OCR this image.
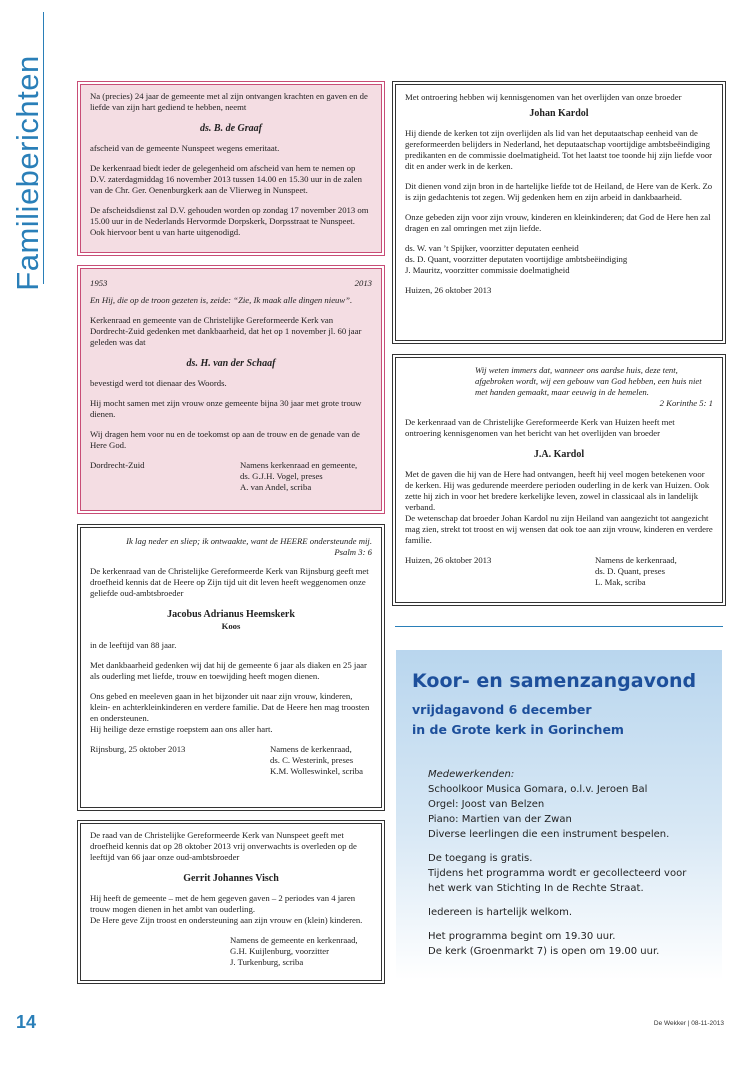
Familieberichten	Na (precies) 24 jaar de gemeente met al zijn ontvangen krachten en gaven en de liefde van zijn hart gediend te hebben, neemt

ds. B. de Graaf

afscheid van de gemeente Nunspeet wegens emeritaat.

De kerkenraad biedt ieder de gelegenheid om afscheid van hem te nemen op D.V. zaterdagmiddag 16 november 2013 tussen 14.00 en 15.30 uur in de zalen van de Chr. Ger. Oenenburgkerk aan de Vlierweg in Nunspeet.

De afscheidsdienst zal D.V. gehouden worden op zondag 17 november 2013 om 15.00 uur in de Nederlands Hervormde Dorpskerk, Dorpsstraat te Nunspeet. Ook hiervoor bent u van harte uitgenodigd.

1953	2013

En Hij, die op de troon gezeten is, zeide: “Zie, Ik maak alle dingen nieuw”.

Kerkenraad en gemeente van de Christelijke Gereformeerde Kerk van Dordrecht-Zuid gedenken met dankbaarheid, dat het op 1 november jl. 60 jaar geleden was dat

ds. H. van der Schaaf

bevestigd werd tot dienaar des Woords.

Hij mocht samen met zijn vrouw onze gemeente bijna 30 jaar met grote trouw dienen.

Wij dragen hem voor nu en de toekomst op aan de trouw en de genade van de Here God.

Dordrecht-Zuid	Namens kerkenraad en gemeente,
ds. G.J.H. Vogel, preses
A. van Andel, scriba
Ik lag neder en sliep; ik ontwaakte, want de HEERE ondersteunde mij.
Psalm 3: 6

De kerkenraad van de Christelijke Gereformeerde Kerk van Rijnsburg geeft met droefheid kennis dat de Heere op Zijn tijd uit dit leven heeft weggenomen onze geliefde oud-ambtsbroeder

Jacobus Adrianus Heemskerk
Koos

in de leeftijd van 88 jaar.

Met dankbaarheid gedenken wij dat hij de gemeente 6 jaar als diaken en 25 jaar als ouderling met liefde, trouw en toewijding heeft mogen dienen.

Ons gebed en meeleven gaan in het bijzonder uit naar zijn vrouw, kinderen, klein- en achterkleinkinderen en verdere familie. Dat de Heere hen mag troosten en ondersteunen.

Hij heilige deze ernstige roepstem aan ons aller hart.

Rijnsburg, 25 oktober 2013	Namens de kerkenraad,
ds. C. Westerink, preses
K.M. Wolleswinkel, scriba

De raad van de Christelijke Gereformeerde Kerk van Nunspeet geeft met droefheid kennis dat op 28 oktober 2013 vrij onverwachts is overleden op de leeftijd van 66 jaar onze oud-ambtsbroeder

Gerrit Johannes Visch

Hij heeft de gemeente – met de hem gegeven gaven – 2 periodes van 4 jaren trouw mogen dienen in het ambt van ouderling.

De Here geve Zijn troost en ondersteuning aan zijn vrouw en (klein) kinderen.

Namens de gemeente en kerkenraad,
G.H. Kuijlenburg, voorzitter
J. Turkenburg, scriba

Met ontroering hebben wij kennisgenomen van het overlijden van onze broeder

Johan Kardol

Hij diende de kerken tot zijn overlijden als lid van het deputaatschap eenheid van de gereformeerden belijders in Nederland, het deputaatschap voortijdige ambtsbeëindiging predikanten en de commissie doelmatigheid. Tot het laatst toe toonde hij zijn liefde voor dit en ander werk in de kerken.

Dit dienen vond zijn bron in de hartelijke liefde tot de Heiland, de Here van de Kerk. Zo is zijn gedachtenis tot zegen. Wij gedenken hem en zijn arbeid in dankbaarheid.

Onze gebeden zijn voor zijn vrouw, kinderen en kleinkinderen; dat God de Here hen zal dragen en zal omringen met zijn liefde.

ds. W. van ’t Spijker, voorzitter deputaten eenheid
ds. D. Quant, voorzitter deputaten voortijdige ambtsbeëindiging
J. Mauritz, voorzitter commissie doelmatigheid
Huizen, 26 oktober 2013
Wij weten immers dat, wanneer ons aardse huis, deze tent, afgebroken wordt, wij een gebouw van God hebben, een huis niet met handen gemaakt, maar eeuwig in de hemelen.
2 Korinthe 5: 1

De kerkenraad van de Christelijke Gereformeerde Kerk van Huizen heeft met ontroering kennisgenomen van het bericht van het overlijden van broeder

J.A. Kardol

Met de gaven die hij van de Here had ontvangen, heeft hij veel mogen betekenen voor de kerken. Hij was gedurende meerdere perioden ouderling in de kerk van Huizen. Ook zette hij zich in voor het bredere kerkelijke leven, zowel in classicaal als in landelijk verband.

De wetenschap dat broeder Johan Kardol nu zijn Heiland van aangezicht tot aangezicht mag zien, strekt tot troost en wij wensen dat ook toe aan zijn vrouw, kinderen en verdere familie.

Huizen, 26 oktober 2013	Namens de kerkenraad,
ds. D. Quant, preses
L. Mak, scriba
Koor- en samenzangavond
vrijdagavond 6 december
in de Grote kerk in Gorinchem
Medewerkenden:
Schoolkoor Musica Gomara, o.l.v. Jeroen Bal
Orgel: Joost van Belzen
Piano: Martien van der Zwan
Diverse leerlingen die een instrument bespelen.
De toegang is gratis.
Tijdens het programma wordt er gecollecteerd voor
het werk van Stichting In de Rechte Straat.
Iedereen is hartelijk welkom.
Het programma begint om 19.30 uur.
De kerk (Groenmarkt 7) is open om 19.00 uur.
14	De Wekker | 08-11-2013
